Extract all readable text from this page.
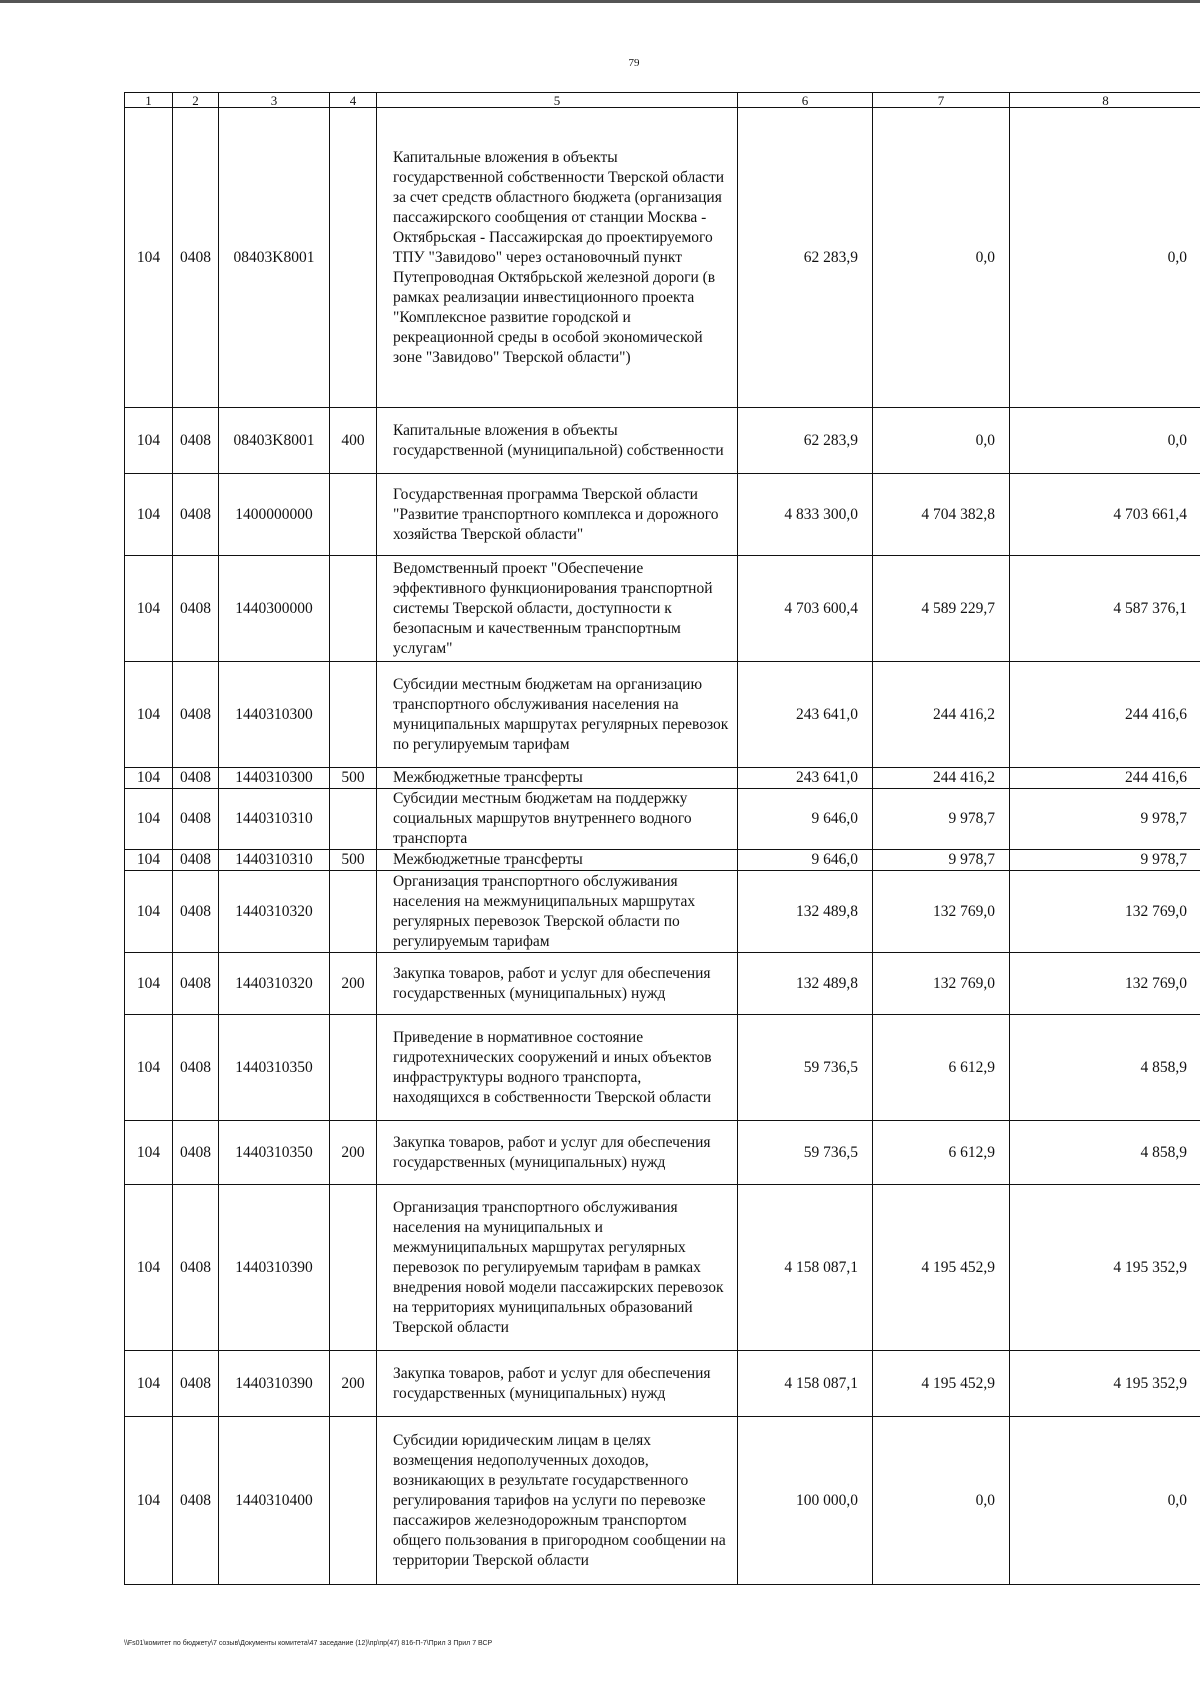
79
1	2	3	4	5	6	7	8
104	0408	08403K8001		Капитальные вложения в объекты государственной собственности Тверской области за счет средств областного бюджета (организация пассажирского сообщения от станции Москва - Октябрьская - Пассажирская до проектируемого ТПУ "Завидово" через остановочный пункт Путепроводная Октябрьской железной дороги (в рамках реализации инвестиционного проекта "Комплексное развитие городской и рекреационной среды в особой экономической зоне "Завидово" Тверской области")	62 283,9	0,0	0,0
104	0408	08403K8001	400	Капитальные вложения в объекты государственной (муниципальной) собственности	62 283,9	0,0	0,0
104	0408	1400000000		Государственная программа Тверской области "Развитие транспортного комплекса и дорожного хозяйства Тверской области"	4 833 300,0	4 704 382,8	4 703 661,4
104	0408	1440300000		Ведомственный проект "Обеспечение эффективного функционирования транспортной системы Тверской области, доступности к безопасным и качественным транспортным услугам"	4 703 600,4	4 589 229,7	4 587 376,1
104	0408	1440310300		Субсидии местным бюджетам на организацию транспортного обслуживания населения на муниципальных маршрутах регулярных перевозок по регулируемым тарифам	243 641,0	244 416,2	244 416,6
104	0408	1440310300	500	Межбюджетные трансферты	243 641,0	244 416,2	244 416,6
104	0408	1440310310		Субсидии местным бюджетам на поддержку социальных маршрутов внутреннего водного транспорта	9 646,0	9 978,7	9 978,7
104	0408	1440310310	500	Межбюджетные трансферты	9 646,0	9 978,7	9 978,7
104	0408	1440310320		Организация транспортного обслуживания населения на межмуниципальных маршрутах регулярных перевозок Тверской области по регулируемым тарифам	132 489,8	132 769,0	132 769,0
104	0408	1440310320	200	Закупка товаров, работ и услуг для обеспечения государственных (муниципальных) нужд	132 489,8	132 769,0	132 769,0
104	0408	1440310350		Приведение в нормативное состояние гидротехнических сооружений и иных объектов инфраструктуры водного транспорта, находящихся в собственности Тверской области	59 736,5	6 612,9	4 858,9
104	0408	1440310350	200	Закупка товаров, работ и услуг для обеспечения государственных (муниципальных) нужд	59 736,5	6 612,9	4 858,9
104	0408	1440310390		Организация транспортного обслуживания населения на муниципальных и межмуниципальных маршрутах регулярных перевозок по регулируемым тарифам в рамках внедрения новой модели пассажирских перевозок на территориях муниципальных образований Тверской области	4 158 087,1	4 195 452,9	4 195 352,9
104	0408	1440310390	200	Закупка товаров, работ и услуг для обеспечения государственных (муниципальных) нужд	4 158 087,1	4 195 452,9	4 195 352,9
104	0408	1440310400		Субсидии юридическим лицам в целях возмещения недополученных доходов, возникающих в результате государственного регулирования тарифов на услуги по перевозке пассажиров железнодорожным транспортом общего пользования в пригородном сообщении на территории Тверской области	100 000,0	0,0	0,0
\\Fs01\комитет по бюджету\7 созыв\Документы комитета\47 заседание (12)\пр\пр(47) 816-П-7\Прил 3 Прил 7 ВСР
